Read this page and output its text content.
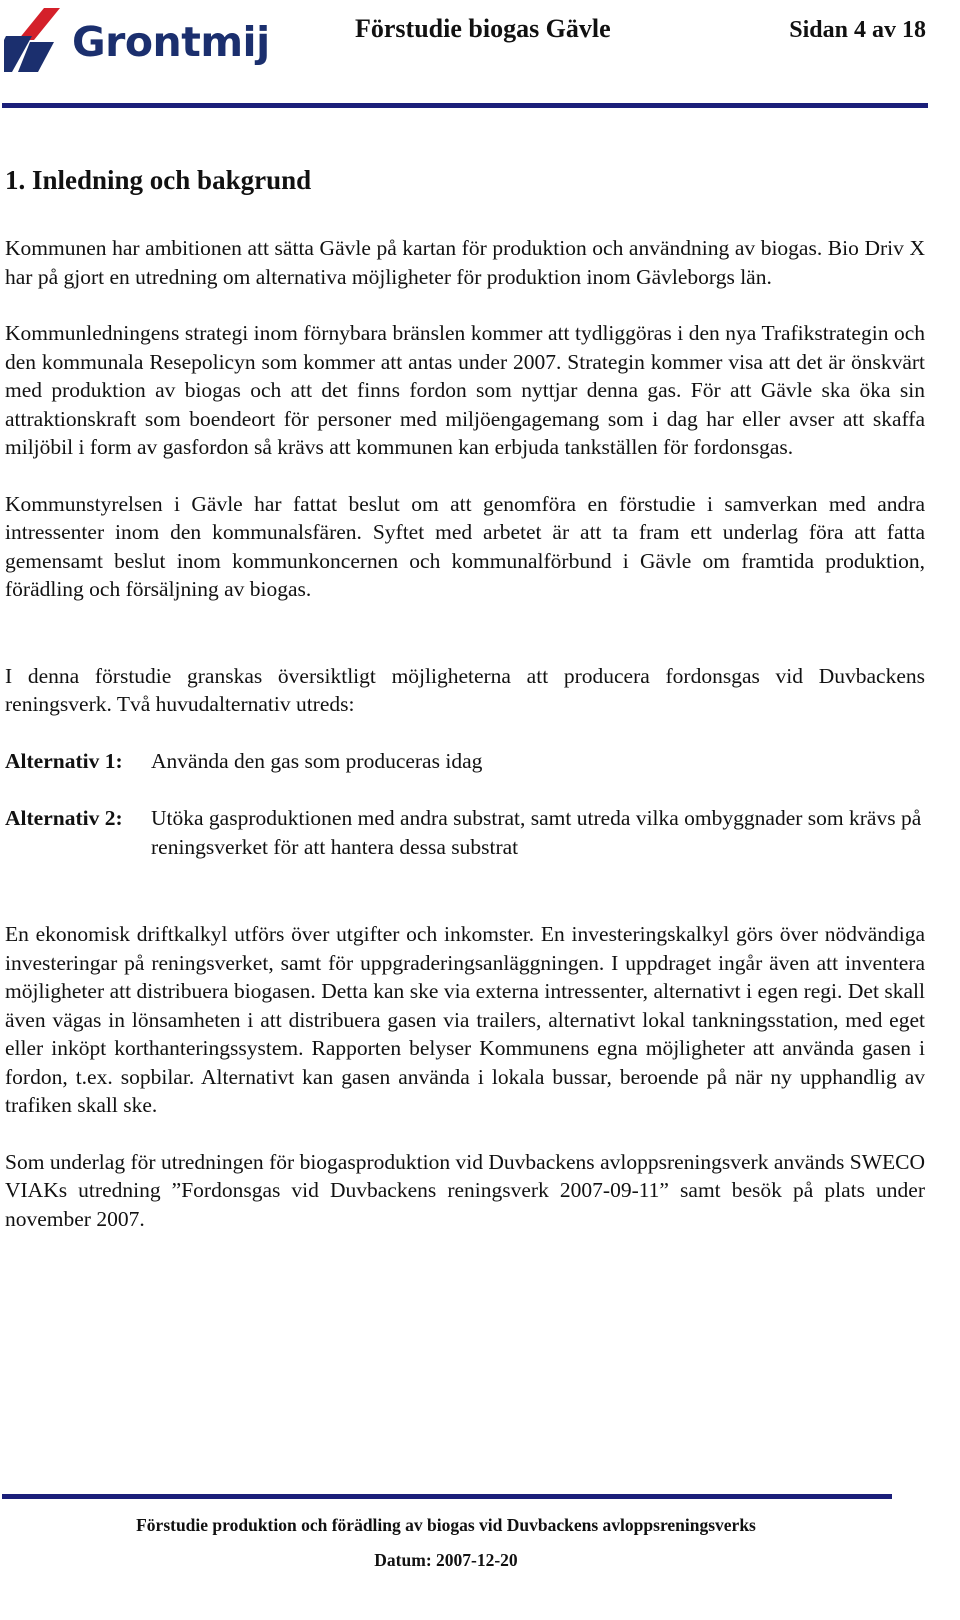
Grontmij	Förstudie biogas Gävle	Sidan 4 av 18
1. Inledning och bakgrund

Kommunen har ambitionen att sätta Gävle på kartan för produktion och användning av biogas. Bio Driv X har på gjort en utredning om alternativa möjligheter för produktion inom Gävleborgs län.

Kommunledningens strategi inom förnybara bränslen kommer att tydliggöras i den nya Trafikstrategin och den kommunala Resepolicyn som kommer att antas under 2007. Strategin kommer visa att det är önskvärt med produktion av biogas och att det finns fordon som nyttjar denna gas. För att Gävle ska öka sin attraktionskraft som boendeort för personer med miljöengagemang som i dag har eller avser att skaffa miljöbil i form av gasfordon så krävs att kommunen kan erbjuda tankställen för fordonsgas.

Kommunstyrelsen i Gävle har fattat beslut om att genomföra en förstudie i samverkan med andra intressenter inom den kommunalsfären. Syftet med arbetet är att ta fram ett underlag föra att fatta gemensamt beslut inom kommunkoncernen och kommunalförbund i Gävle om framtida produktion, förädling och försäljning av biogas.

I denna förstudie granskas översiktligt möjligheterna att producera fordonsgas vid Duvbackens reningsverk. Två huvudalternativ utreds:

Alternativ 1:	Använda den gas som produceras idag
Alternativ 2:	Utöka gasproduktionen med andra substrat, samt utreda vilka ombyggnader som krävs på reningsverket för att hantera dessa substrat

En ekonomisk driftkalkyl utförs över utgifter och inkomster. En investeringskalkyl görs över nödvändiga investeringar på reningsverket, samt för uppgraderingsanläggningen. I uppdraget ingår även att inventera möjligheter att distribuera biogasen. Detta kan ske via externa intressenter, alternativt i egen regi. Det skall även vägas in lönsamheten i att distribuera gasen via trailers, alternativt lokal tankningsstation, med eget eller inköpt korthanteringssystem. Rapporten belyser Kommunens egna möjligheter att använda gasen i fordon, t.ex. sopbilar. Alternativt kan gasen använda i lokala bussar, beroende på när ny upphandlig av trafiken skall ske.

Som underlag för utredningen för biogasproduktion vid Duvbackens avloppsreningsverk används SWECO VIAKs utredning ”Fordonsgas vid Duvbackens reningsverk 2007-09-11” samt besök på plats under november 2007.

Förstudie produktion och förädling av biogas vid Duvbackens avloppsreningsverks
Datum: 2007-12-20
